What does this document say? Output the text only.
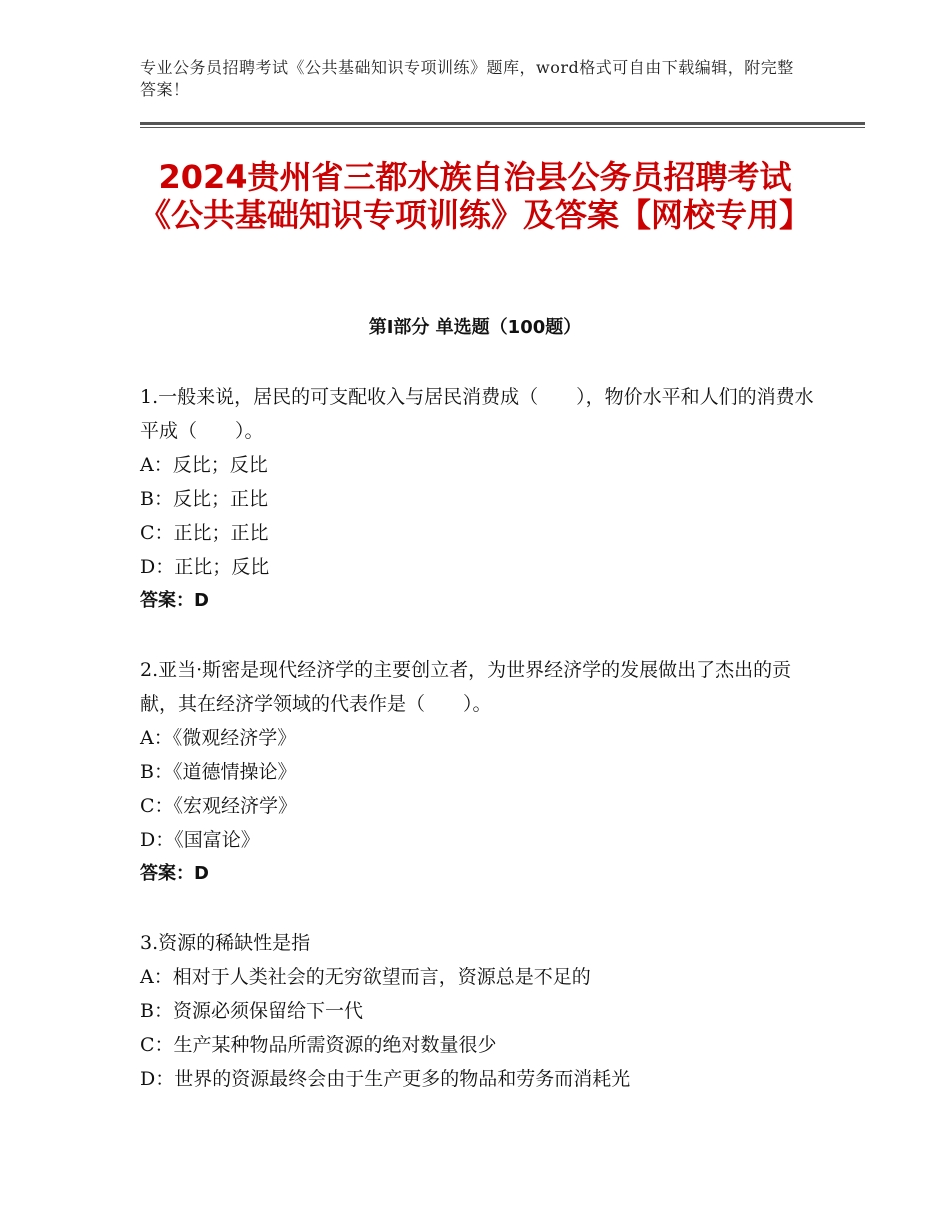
专业公务员招聘考试《公共基础知识专项训练》题库，word格式可自由下载编辑，附完整答案！
2024贵州省三都水族自治县公务员招聘考试《公共基础知识专项训练》及答案【网校专用】
第I部分 单选题（100题）

1.一般来说，居民的可支配收入与居民消费成（　　），物价水平和人们的消费水平成（　　）。

A：反比；反比

B：反比；正比

C：正比；正比

D：正比；反比

答案：D

2.亚当·斯密是现代经济学的主要创立者，为世界经济学的发展做出了杰出的贡献，其在经济学领域的代表作是（　　）。

A：《微观经济学》

B：《道德情操论》

C：《宏观经济学》

D：《国富论》

答案：D

3.资源的稀缺性是指

A：相对于人类社会的无穷欲望而言，资源总是不足的

B：资源必须保留给下一代

C：生产某种物品所需资源的绝对数量很少

D：世界的资源最终会由于生产更多的物品和劳务而消耗光
